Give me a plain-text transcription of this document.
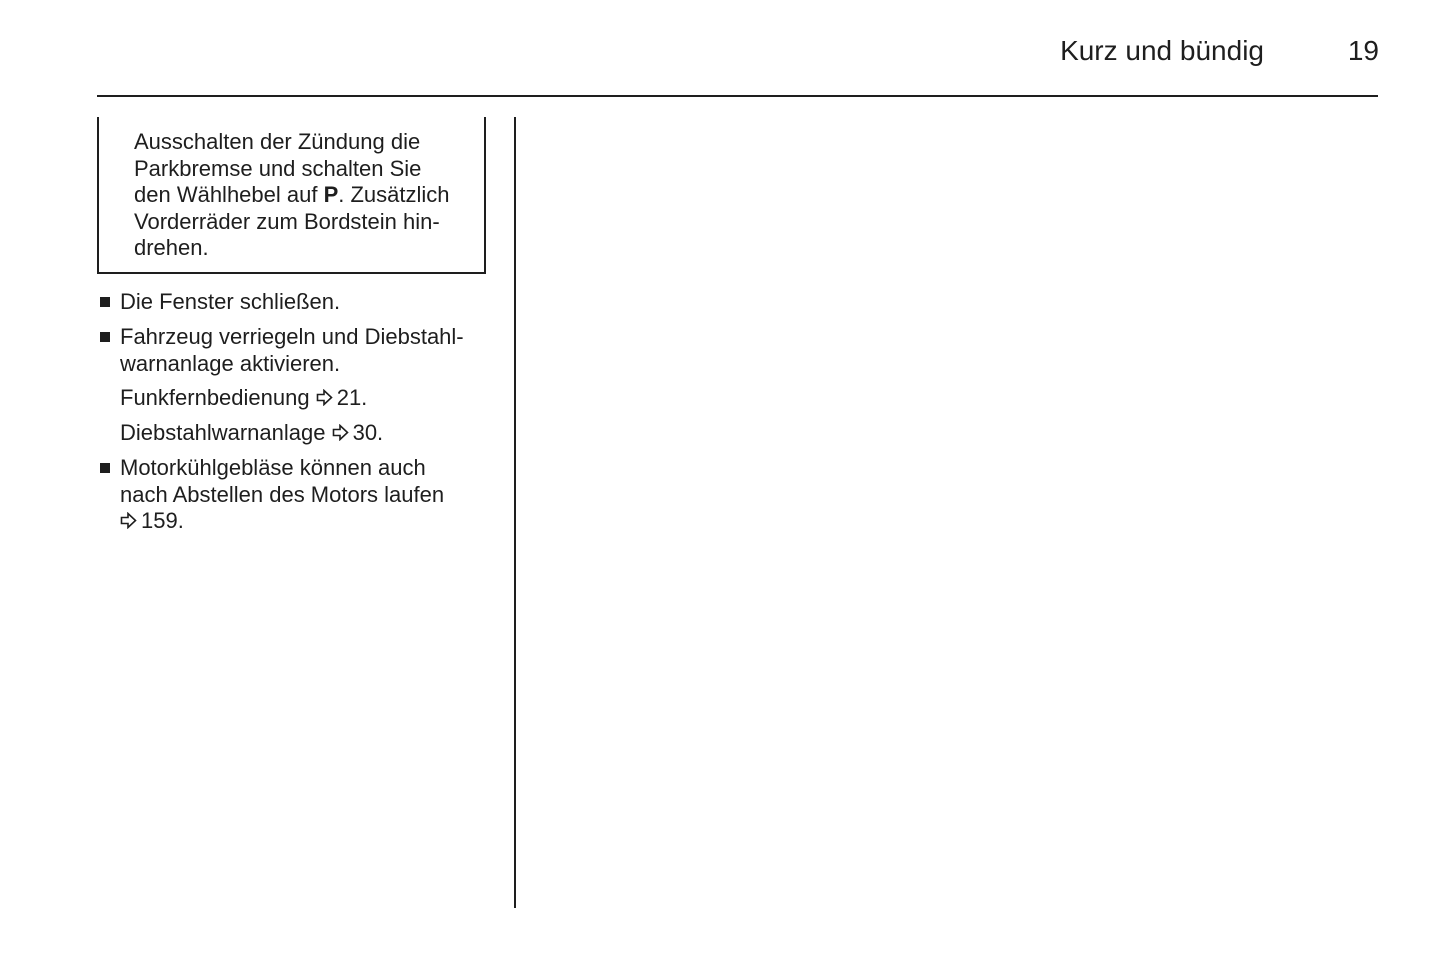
Kurz und bündig	19
Ausschalten der Zündung die
Parkbremse und schalten Sie
den Wählhebel auf P. Zusätzlich
Vorderräder zum Bordstein hin-
drehen.
Die Fenster schließen.
Fahrzeug verriegeln und Diebstahl-
warnanlage aktivieren.
Funkfernbedienung 21.
Diebstahlwarnanlage 30.
Motorkühlgebläse können auch
nach Abstellen des Motors laufen
159.
